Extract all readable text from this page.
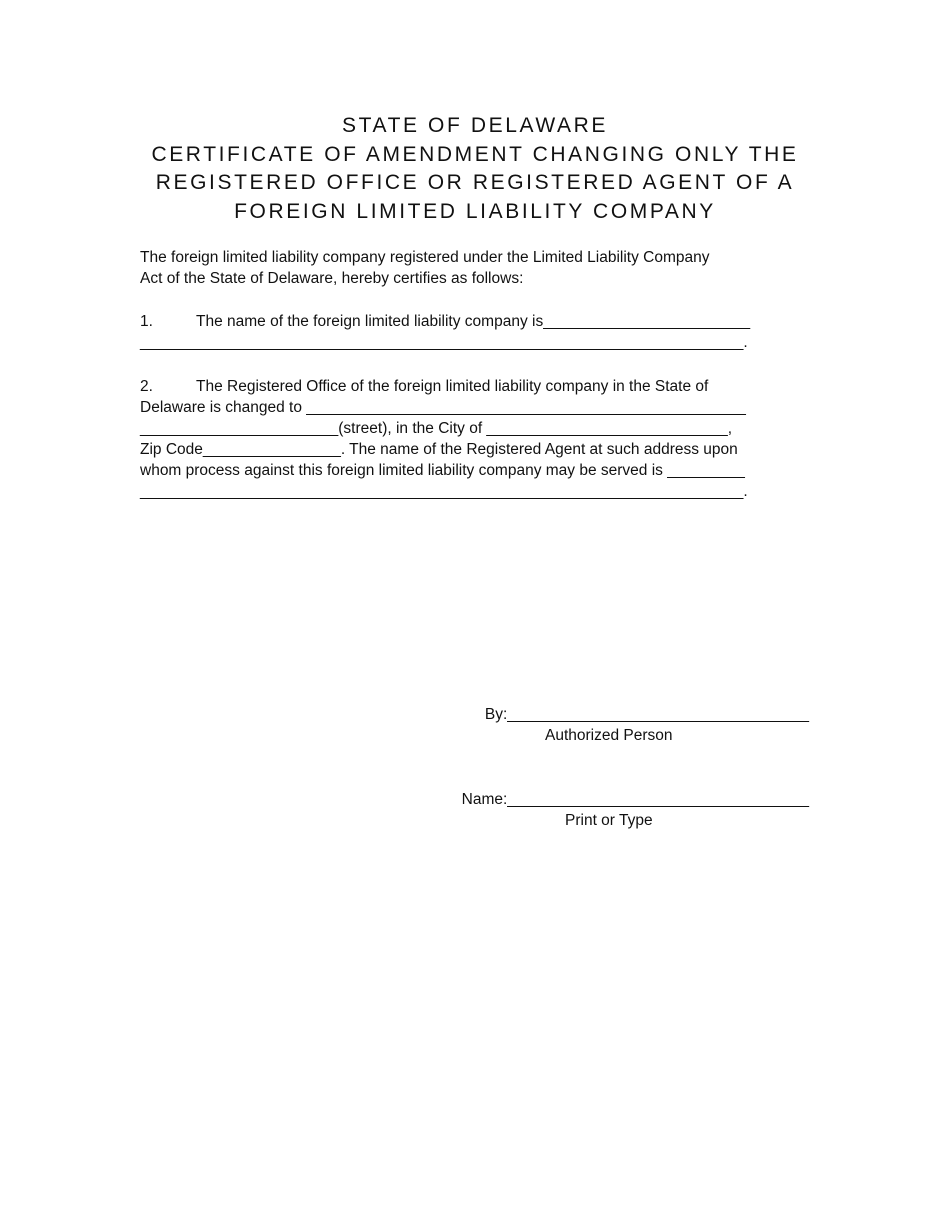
STATE OF DELAWARE
CERTIFICATE OF AMENDMENT CHANGING ONLY THE
REGISTERED OFFICE OR REGISTERED AGENT OF A
FOREIGN LIMITED LIABILITY COMPANY
The foreign limited liability company registered under the Limited Liability Company
Act of the State of Delaware, hereby certifies as follows:
1.	The name of the foreign limited liability company is________________________
______________________________________________________________________.
2.	The Registered Office of the foreign limited liability company in the State of
Delaware is changed to ___________________________________________________
_______________________(street), in the City of ____________________________,
Zip Code________________. The name of the Registered Agent at such address upon
whom process against this foreign limited liability company may be served is _________
______________________________________________________________________.
By:___________________________________
Authorized Person
Name:___________________________________
Print or Type
